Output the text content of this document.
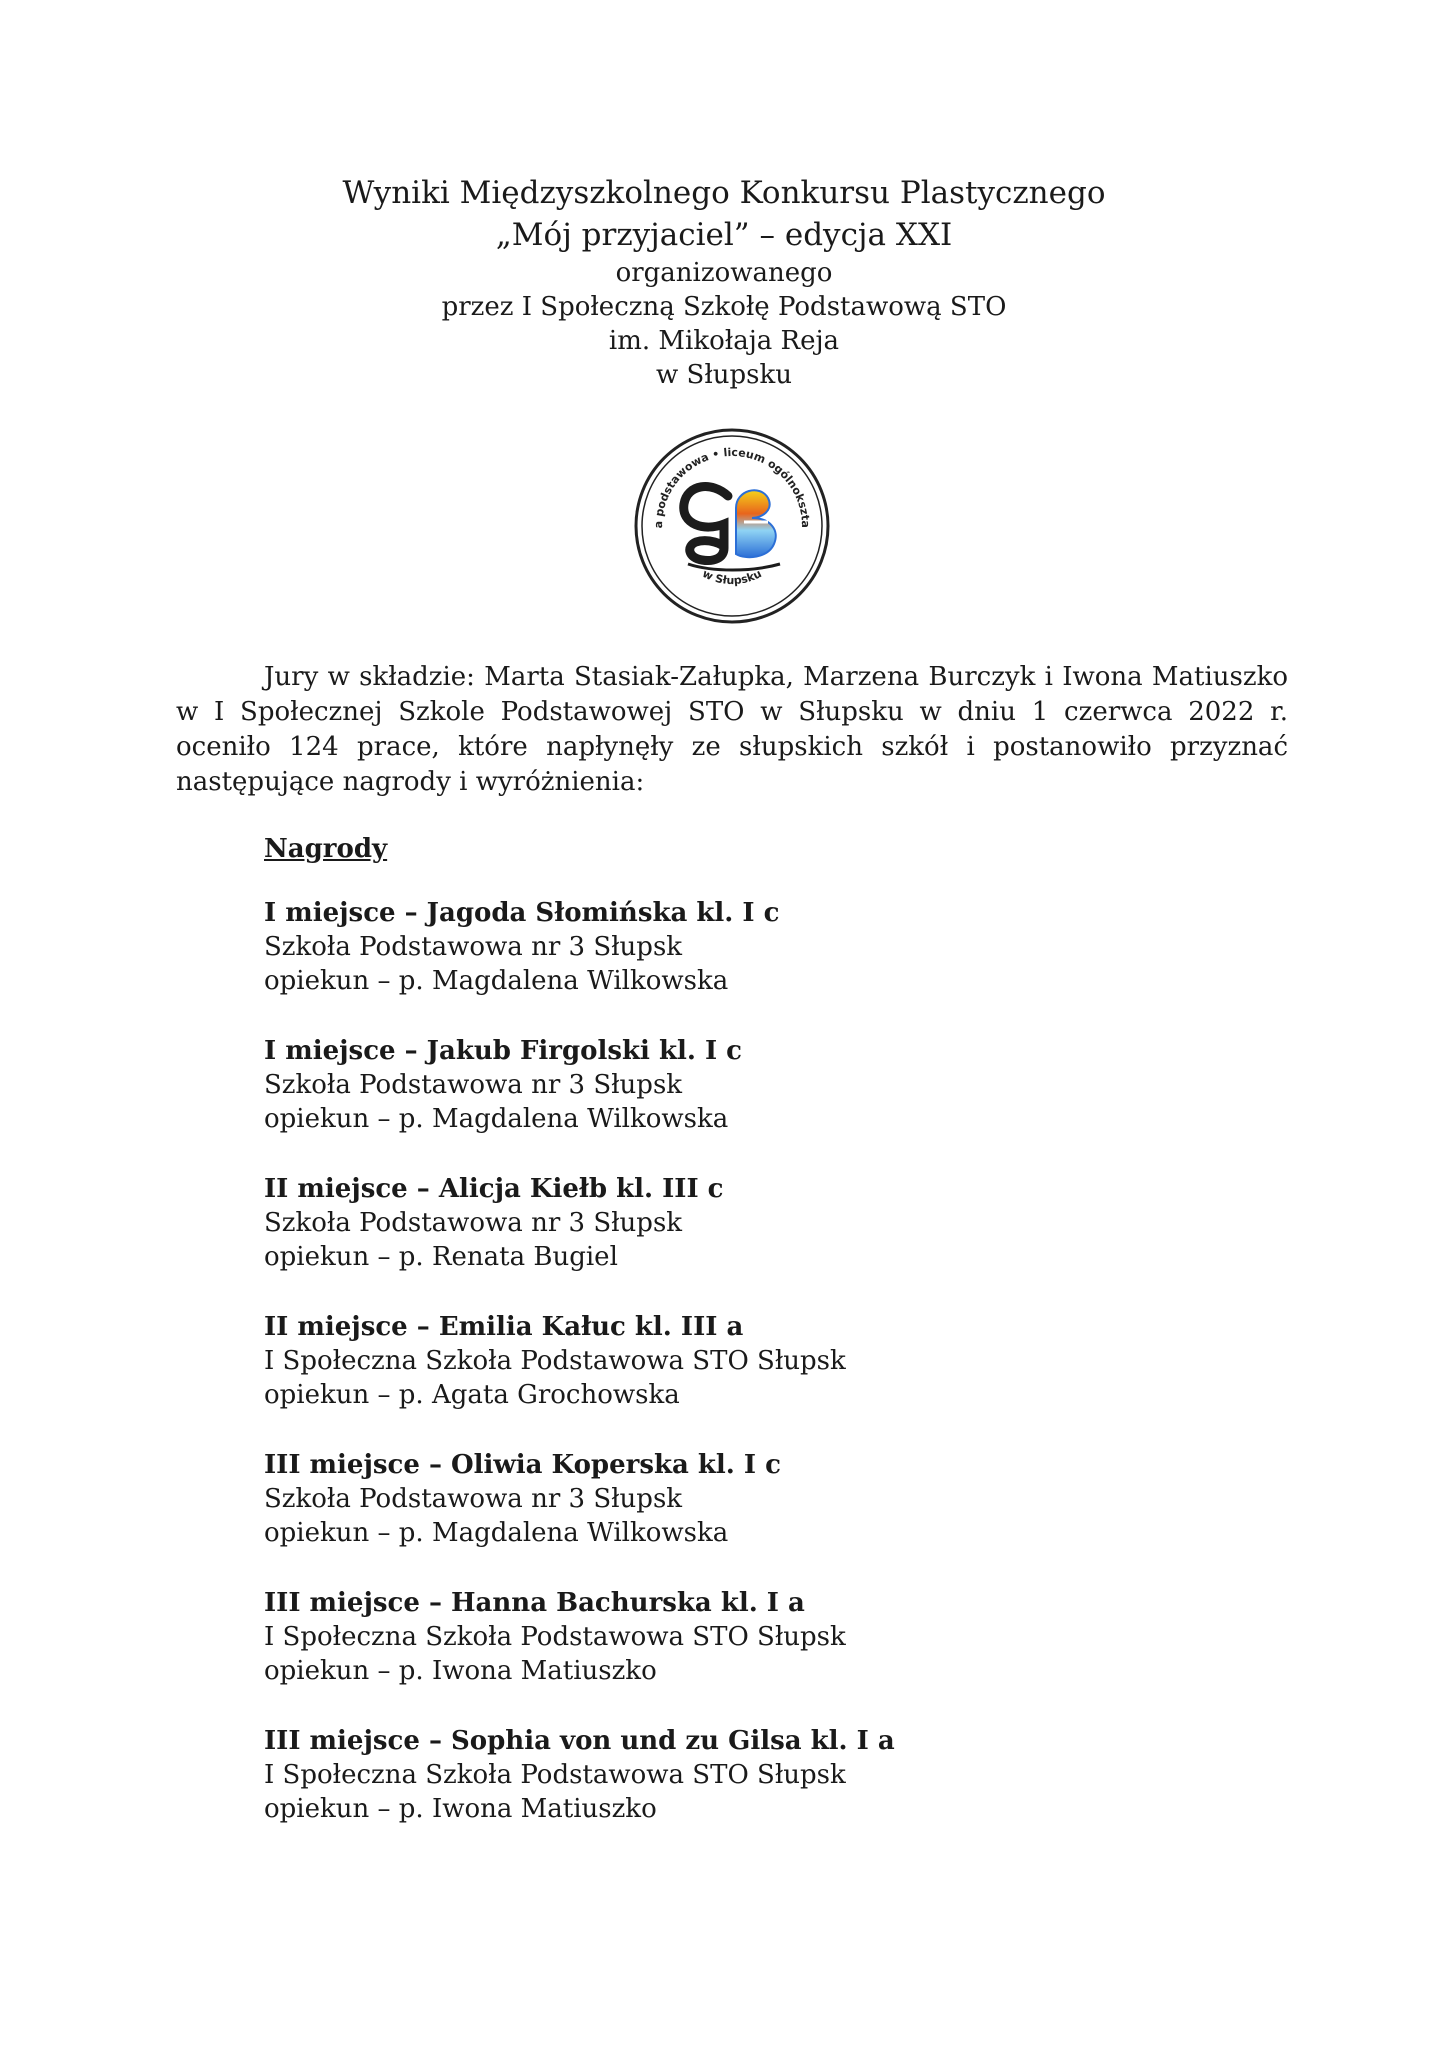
Wyniki Międzyszkolnego Konkursu Plastycznego
„Mój przyjaciel” – edycja XXI
organizowanego
przez I Społeczną Szkołę Podstawową STO
im. Mikołaja Reja
w Słupsku
a podstawowa • liceum ogólnokszta
w Słupsku

Jury w składzie: Marta Stasiak-Załupka, Marzena Burczyk i Iwona Matiuszko w I Społecznej Szkole Podstawowej STO w Słupsku w dniu 1 czerwca 2022 r. oceniło 124 prace, które napłynęły ze słupskich szkół i postanowiło przyznać następujące nagrody i wyróżnienia:

Nagrody
I miejsce – Jagoda Słomińska kl. I c
Szkoła Podstawowa nr 3 Słupsk
opiekun – p. Magdalena Wilkowska
I miejsce – Jakub Firgolski kl. I c
Szkoła Podstawowa nr 3 Słupsk
opiekun – p. Magdalena Wilkowska
II miejsce – Alicja Kiełb kl. III c
Szkoła Podstawowa nr 3 Słupsk
opiekun – p. Renata Bugiel
II miejsce – Emilia Kałuc kl. III a
I Społeczna Szkoła Podstawowa STO Słupsk
opiekun – p. Agata Grochowska
III miejsce – Oliwia Koperska kl. I c
Szkoła Podstawowa nr 3 Słupsk
opiekun – p. Magdalena Wilkowska
III miejsce – Hanna Bachurska kl. I a
I Społeczna Szkoła Podstawowa STO Słupsk
opiekun – p. Iwona Matiuszko
III miejsce – Sophia von und zu Gilsa kl. I a
I Społeczna Szkoła Podstawowa STO Słupsk
opiekun – p. Iwona Matiuszko
